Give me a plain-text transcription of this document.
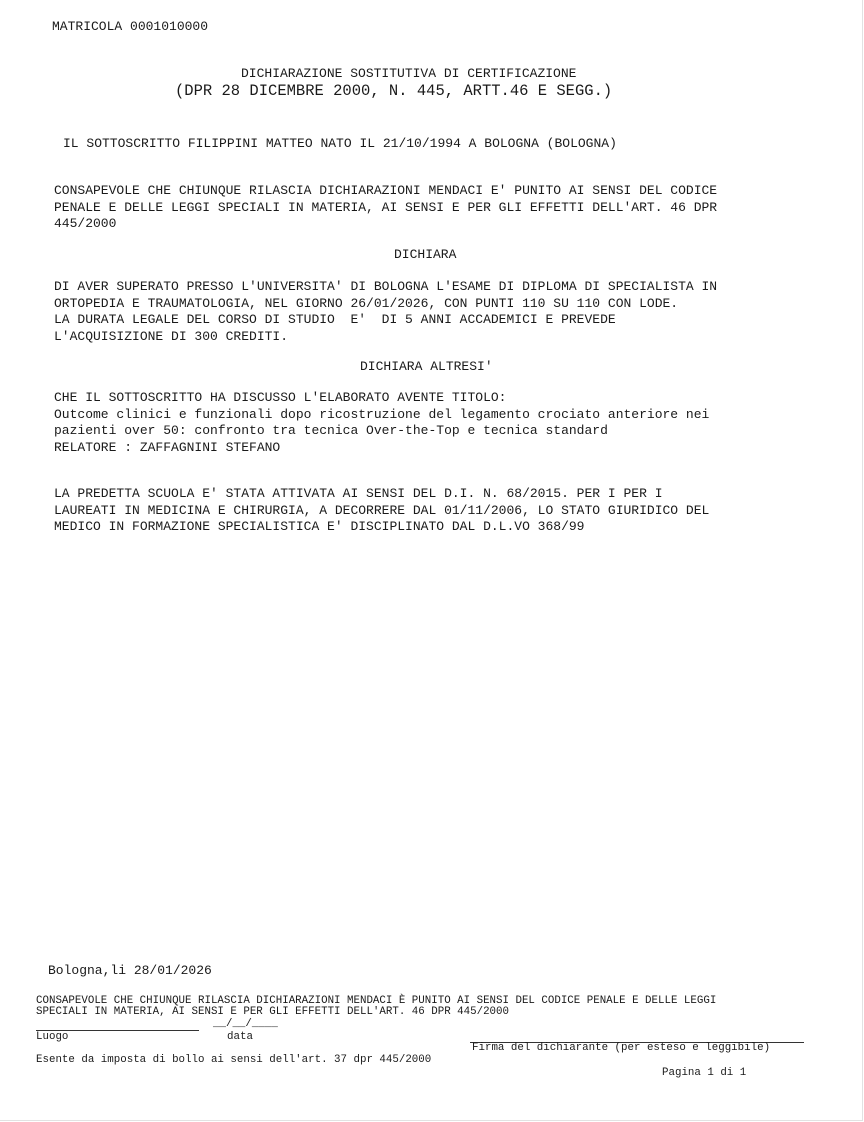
MATRICOLA 0001010000
DICHIARAZIONE SOSTITUTIVA DI CERTIFICAZIONE
(DPR 28 DICEMBRE 2000, N. 445, ARTT.46 E SEGG.)
IL SOTTOSCRITTO FILIPPINI MATTEO NATO IL 21/10/1994 A BOLOGNA (BOLOGNA)
CONSAPEVOLE CHE CHIUNQUE RILASCIA DICHIARAZIONI MENDACI E' PUNITO AI SENSI DEL CODICE
PENALE E DELLE LEGGI SPECIALI IN MATERIA, AI SENSI E PER GLI EFFETTI DELL'ART. 46 DPR
445/2000
DICHIARA
DI AVER SUPERATO PRESSO L'UNIVERSITA' DI BOLOGNA L'ESAME DI DIPLOMA DI SPECIALISTA IN
ORTOPEDIA E TRAUMATOLOGIA, NEL GIORNO 26/01/2026, CON PUNTI 110 SU 110 CON LODE.
LA DURATA LEGALE DEL CORSO DI STUDIO  E'  DI 5 ANNI ACCADEMICI E PREVEDE
L'ACQUISIZIONE DI 300 CREDITI.
DICHIARA ALTRESI'
CHE IL SOTTOSCRITTO HA DISCUSSO L'ELABORATO AVENTE TITOLO:
Outcome clinici e funzionali dopo ricostruzione del legamento crociato anteriore nei
pazienti over 50: confronto tra tecnica Over-the-Top e tecnica standard
RELATORE : ZAFFAGNINI STEFANO
LA PREDETTA SCUOLA E' STATA ATTIVATA AI SENSI DEL D.I. N. 68/2015. PER I PER I
LAUREATI IN MEDICINA E CHIRURGIA, A DECORRERE DAL 01/11/2006, LO STATO GIURIDICO DEL
MEDICO IN FORMAZIONE SPECIALISTICA E' DISCIPLINATO DAL D.L.VO 368/99
Bologna,li 28/01/2026
CONSAPEVOLE CHE CHIUNQUE RILASCIA DICHIARAZIONI MENDACI È PUNITO AI SENSI DEL CODICE PENALE E DELLE LEGGI
SPECIALI IN MATERIA, AI SENSI E PER GLI EFFETTI DELL'ART. 46 DPR 445/2000
__/__/____
Luogo	data
Firma del dichiarante (per esteso e leggibile)
Esente da imposta di bollo ai sensi dell'art. 37 dpr 445/2000
Pagina 1 di 1
